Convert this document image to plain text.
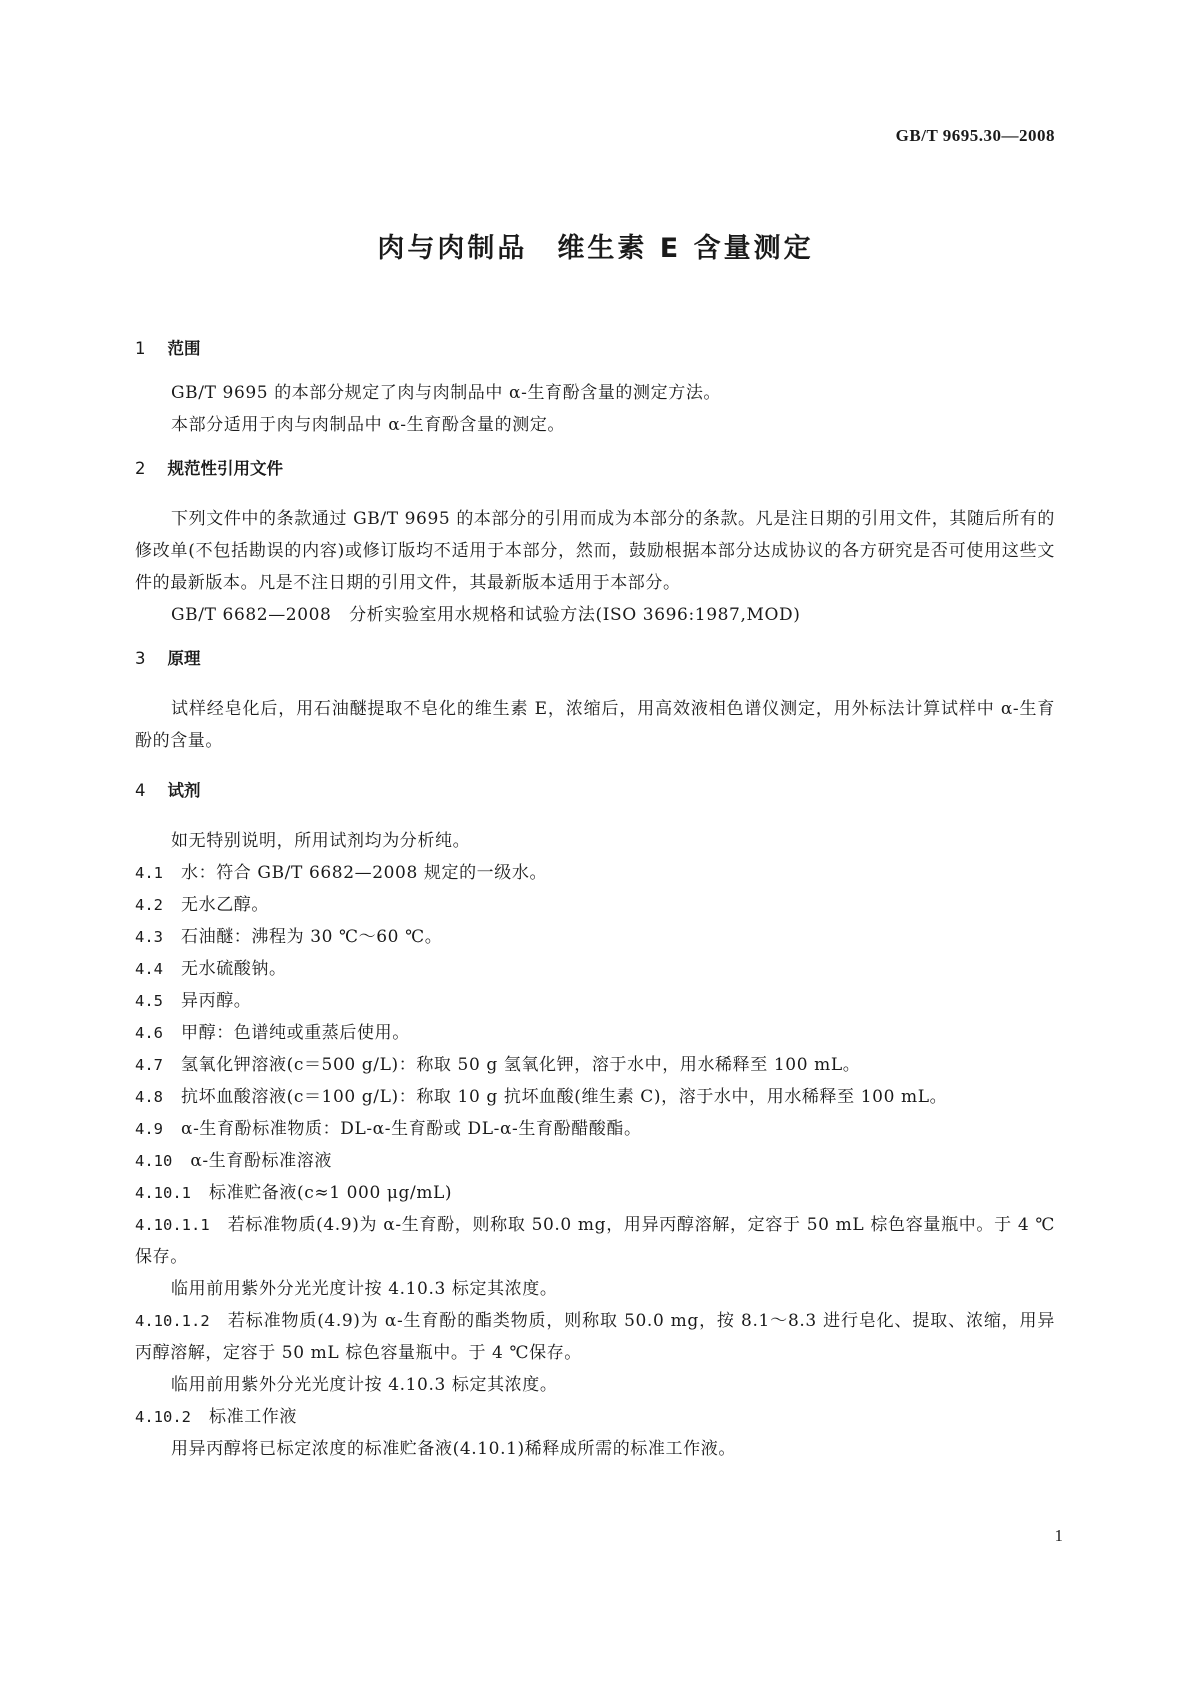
GB/T 9695.30—2008
肉与肉制品　维生素 E 含量测定
1 范围

GB/T 9695 的本部分规定了肉与肉制品中 α-生育酚含量的测定方法。

本部分适用于肉与肉制品中 α-生育酚含量的测定。

2 规范性引用文件

下列文件中的条款通过 GB/T 9695 的本部分的引用而成为本部分的条款。凡是注日期的引用文件，其随后所有的修改单(不包括勘误的内容)或修订版均不适用于本部分，然而，鼓励根据本部分达成协议的各方研究是否可使用这些文件的最新版本。凡是不注日期的引用文件，其最新版本适用于本部分。

GB/T 6682—2008　分析实验室用水规格和试验方法(ISO 3696:1987,MOD)

3 原理

试样经皂化后，用石油醚提取不皂化的维生素 E，浓缩后，用高效液相色谱仪测定，用外标法计算试样中 α-生育酚的含量。

4 试剂

如无特别说明，所用试剂均为分析纯。

4.1 水：符合 GB/T 6682—2008 规定的一级水。

4.2 无水乙醇。

4.3 石油醚：沸程为 30 ℃～60 ℃。

4.4 无水硫酸钠。

4.5 异丙醇。

4.6 甲醇：色谱纯或重蒸后使用。

4.7 氢氧化钾溶液(c＝500 g/L)：称取 50 g 氢氧化钾，溶于水中，用水稀释至 100 mL。

4.8 抗坏血酸溶液(c＝100 g/L)：称取 10 g 抗坏血酸(维生素 C)，溶于水中，用水稀释至 100 mL。

4.9 α-生育酚标准物质：DL-α-生育酚或 DL-α-生育酚醋酸酯。

4.10 α-生育酚标准溶液

4.10.1 标准贮备液(c≈1 000 μg/mL)

4.10.1.1 若标准物质(4.9)为 α-生育酚，则称取 50.0 mg，用异丙醇溶解，定容于 50 mL 棕色容量瓶中。于 4 ℃保存。

临用前用紫外分光光度计按 4.10.3 标定其浓度。

4.10.1.2 若标准物质(4.9)为 α-生育酚的酯类物质，则称取 50.0 mg，按 8.1～8.3 进行皂化、提取、浓缩，用异丙醇溶解，定容于 50 mL 棕色容量瓶中。于 4 ℃保存。

临用前用紫外分光光度计按 4.10.3 标定其浓度。

4.10.2 标准工作液

用异丙醇将已标定浓度的标准贮备液(4.10.1)稀释成所需的标准工作液。

1
